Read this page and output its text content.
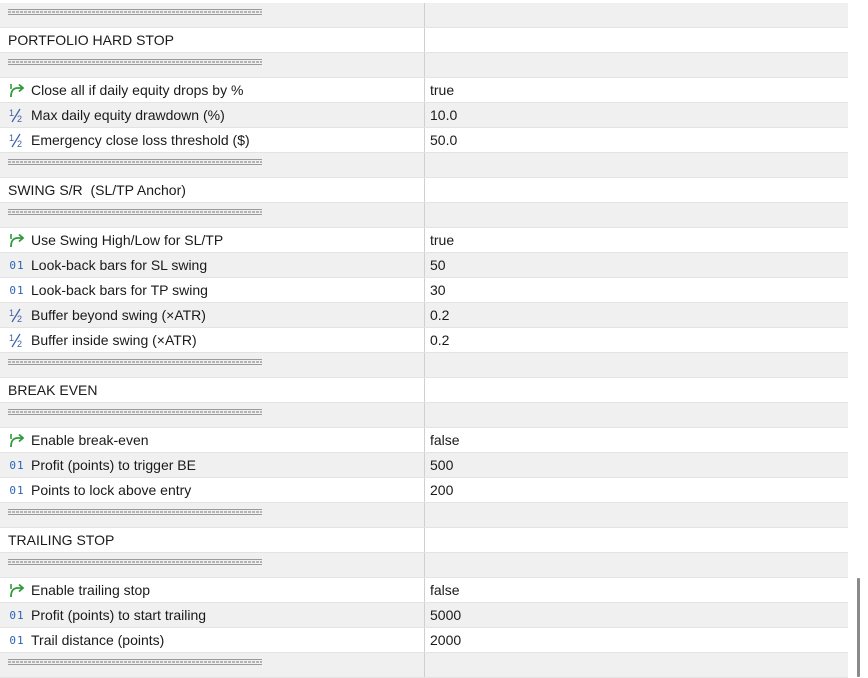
PORTFOLIO HARD STOP
Close all if daily equity drops by %	true
1
2 Max daily equity drawdown (%)	10.0
1
2 Emergency close loss threshold ($)	50.0
SWING S/R  (SL/TP Anchor)
Use Swing High/Low for SL/TP	true
01 Look-back bars for SL swing	50
01 Look-back bars for TP swing	30
1
2 Buffer beyond swing (×ATR)	0.2
1
2 Buffer inside swing (×ATR)	0.2
BREAK EVEN
Enable break-even	false
01 Profit (points) to trigger BE	500
01 Points to lock above entry	200
TRAILING STOP
Enable trailing stop	false
01 Profit (points) to start trailing	5000
01 Trail distance (points)	2000
